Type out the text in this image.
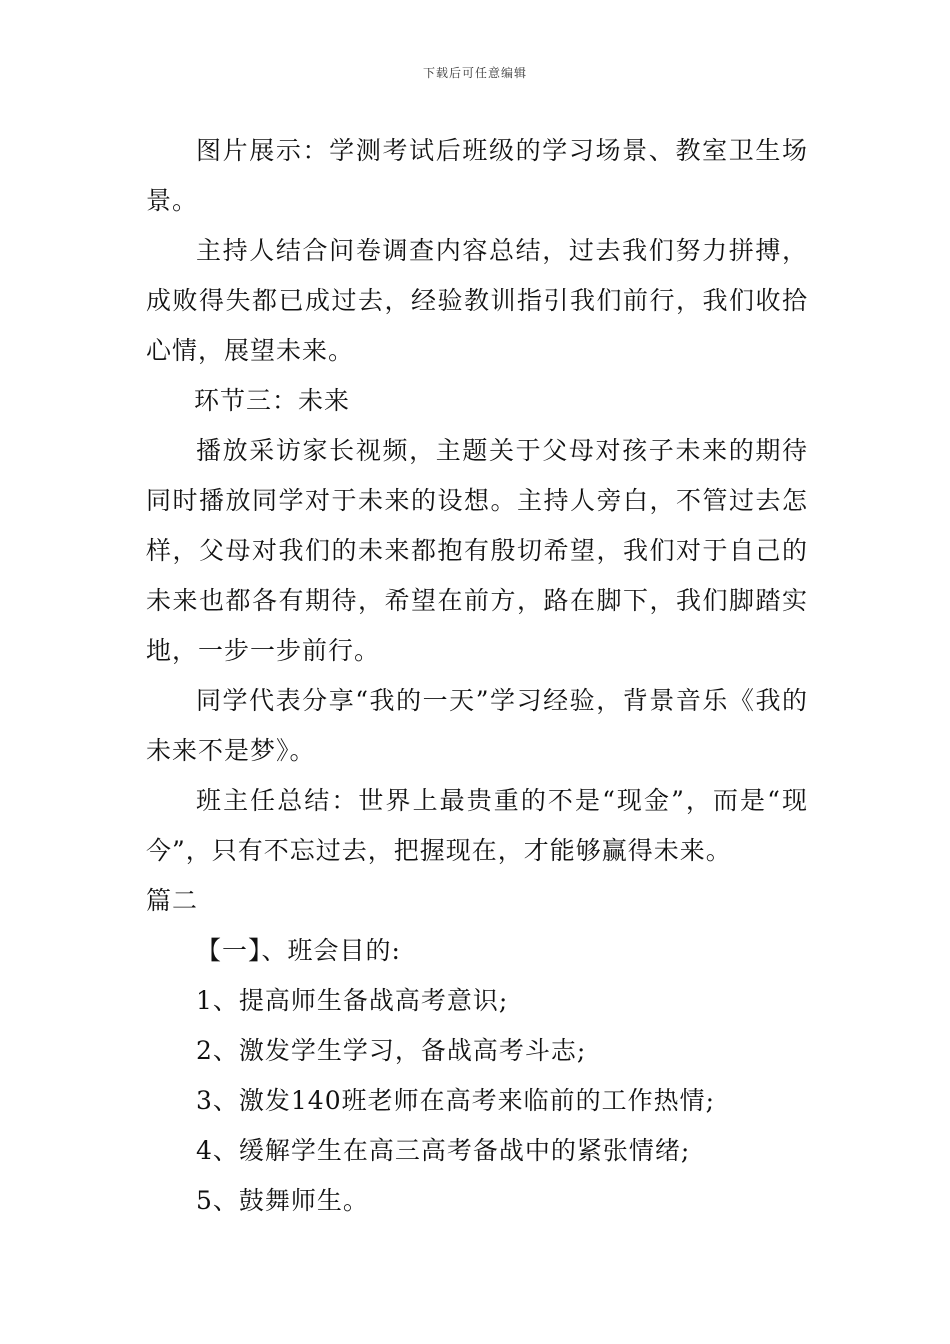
下载后可任意编辑

图片展示：学测考试后班级的学习场景、教室卫生场景。

主持人结合问卷调查内容总结，过去我们努力拼搏，成败得失都已成过去，经验教训指引我们前行，我们收拾心情，展望未来。

环节三：未来

播放采访家长视频，主题关于父母对孩子未来的期待同时播放同学对于未来的设想。主持人旁白，不管过去怎样，父母对我们的未来都抱有殷切希望，我们对于自己的未来也都各有期待，希望在前方，路在脚下，我们脚踏实地，一步一步前行。

同学代表分享“我的一天”学习经验，背景音乐《我的未来不是梦》。

班主任总结：世界上最贵重的不是“现金”，而是“现今”，只有不忘过去，把握现在，才能够赢得未来。

篇二

【一】、班会目的:

1、提高师生备战高考意识;

2、激发学生学习，备战高考斗志;

3、激发140班老师在高考来临前的工作热情;

4、缓解学生在高三高考备战中的紧张情绪;

5、鼓舞师生。
